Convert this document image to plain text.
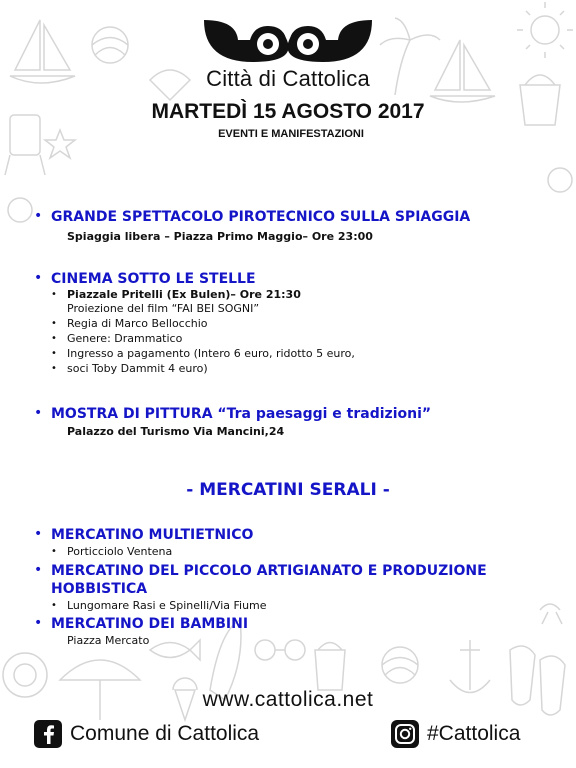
Città di Cattolica
MARTEDÌ 15 AGOSTO 2017
EVENTI E MANIFESTAZIONI
• GRANDE SPETTACOLO PIROTECNICO SULLA SPIAGGIA
Spiaggia libera – Piazza Primo Maggio– Ore 23:00
• CINEMA SOTTO LE STELLE
• Piazzale Pritelli (Ex Bulen)– Ore 21:30
Proiezione del film “FAI BEI SOGNI”
• Regia di Marco Bellocchio
• Genere: Drammatico
• Ingresso a pagamento (Intero 6 euro, ridotto 5 euro,
• soci Toby Dammit 4 euro)
• MOSTRA DI PITTURA “Tra paesaggi e tradizioni”
Palazzo del Turismo Via Mancini,24
- MERCATINI SERALI -
• MERCATINO MULTIETNICO
• Porticciolo Ventena
• MERCATINO DEL PICCOLO ARTIGIANATO E PRODUZIONE
HOBBISTICA
• Lungomare Rasi e Spinelli/Via Fiume
• MERCATINO DEI BAMBINI
Piazza Mercato
www.cattolica.net
Comune di Cattolica	#Cattolica
